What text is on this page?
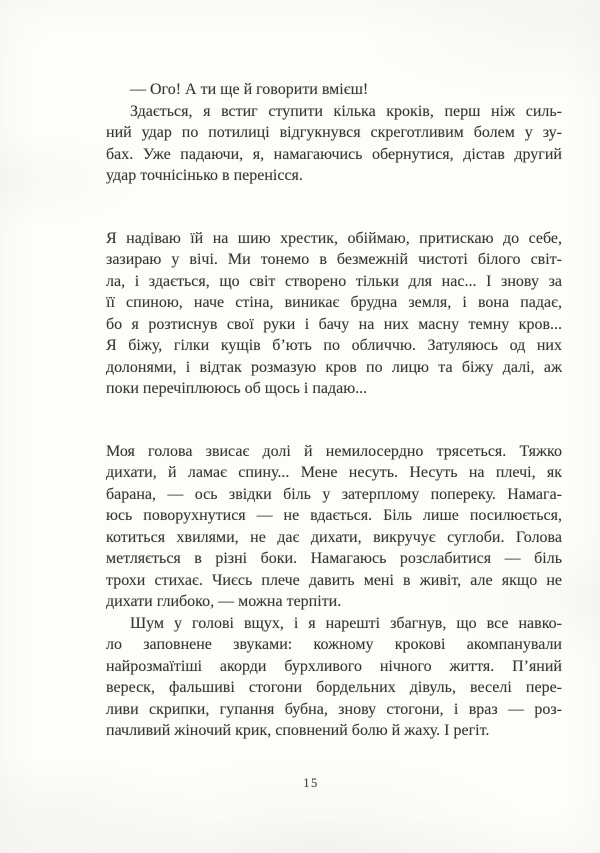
— Ого! А ти ще й говорити вмієш!
Здається, я встиг ступити кілька кроків, перш ніж силь-
ний удар по потилиці відгукнувся скреготливим болем у зу-
бах. Уже падаючи, я, намагаючись обернутися, дістав другий
удар точнісінько в перенісся.
Я надіваю їй на шию хрестик, обіймаю, притискаю до себе,
зазираю у вічі. Ми тонемо в безмежній чистоті білого світ-
ла, і здається, що світ створено тільки для нас... І знову за
її спиною, наче стіна, виникає брудна земля, і вона падає,
бо я розтиснув свої руки і бачу на них масну темну кров...
Я біжу, гілки кущів б’ють по обличчю. Затуляюсь од них
долонями, і відтак розмазую кров по лицю та біжу далі, аж
поки перечіплююсь об щось і падаю...
Моя голова звисає долі й немилосердно трясеться. Тяжко
дихати, й ламає спину... Мене несуть. Несуть на плечі, як
барана, — ось звідки біль у затерплому попереку. Намага-
юсь поворухнутися — не вдається. Біль лише посилюється,
котиться хвилями, не дає дихати, викручує суглоби. Голова
метляється в різні боки. Намагаюсь розслабитися — біль
трохи стихає. Чиєсь плече давить мені в живіт, але якщо не
дихати глибоко, — можна терпіти.
Шум у голові вщух, і я нарешті збагнув, що все навко-
ло заповнене звуками: кожному крокові акомпанували
найрозмаїтіші акорди бурхливого нічного життя. П’яний
вереск, фальшиві стогони бордельних дівуль, веселі пере-
ливи скрипки, гупання бубна, знову стогони, і враз — роз-
пачливий жіночий крик, сповнений болю й жаху. І регіт.
15
